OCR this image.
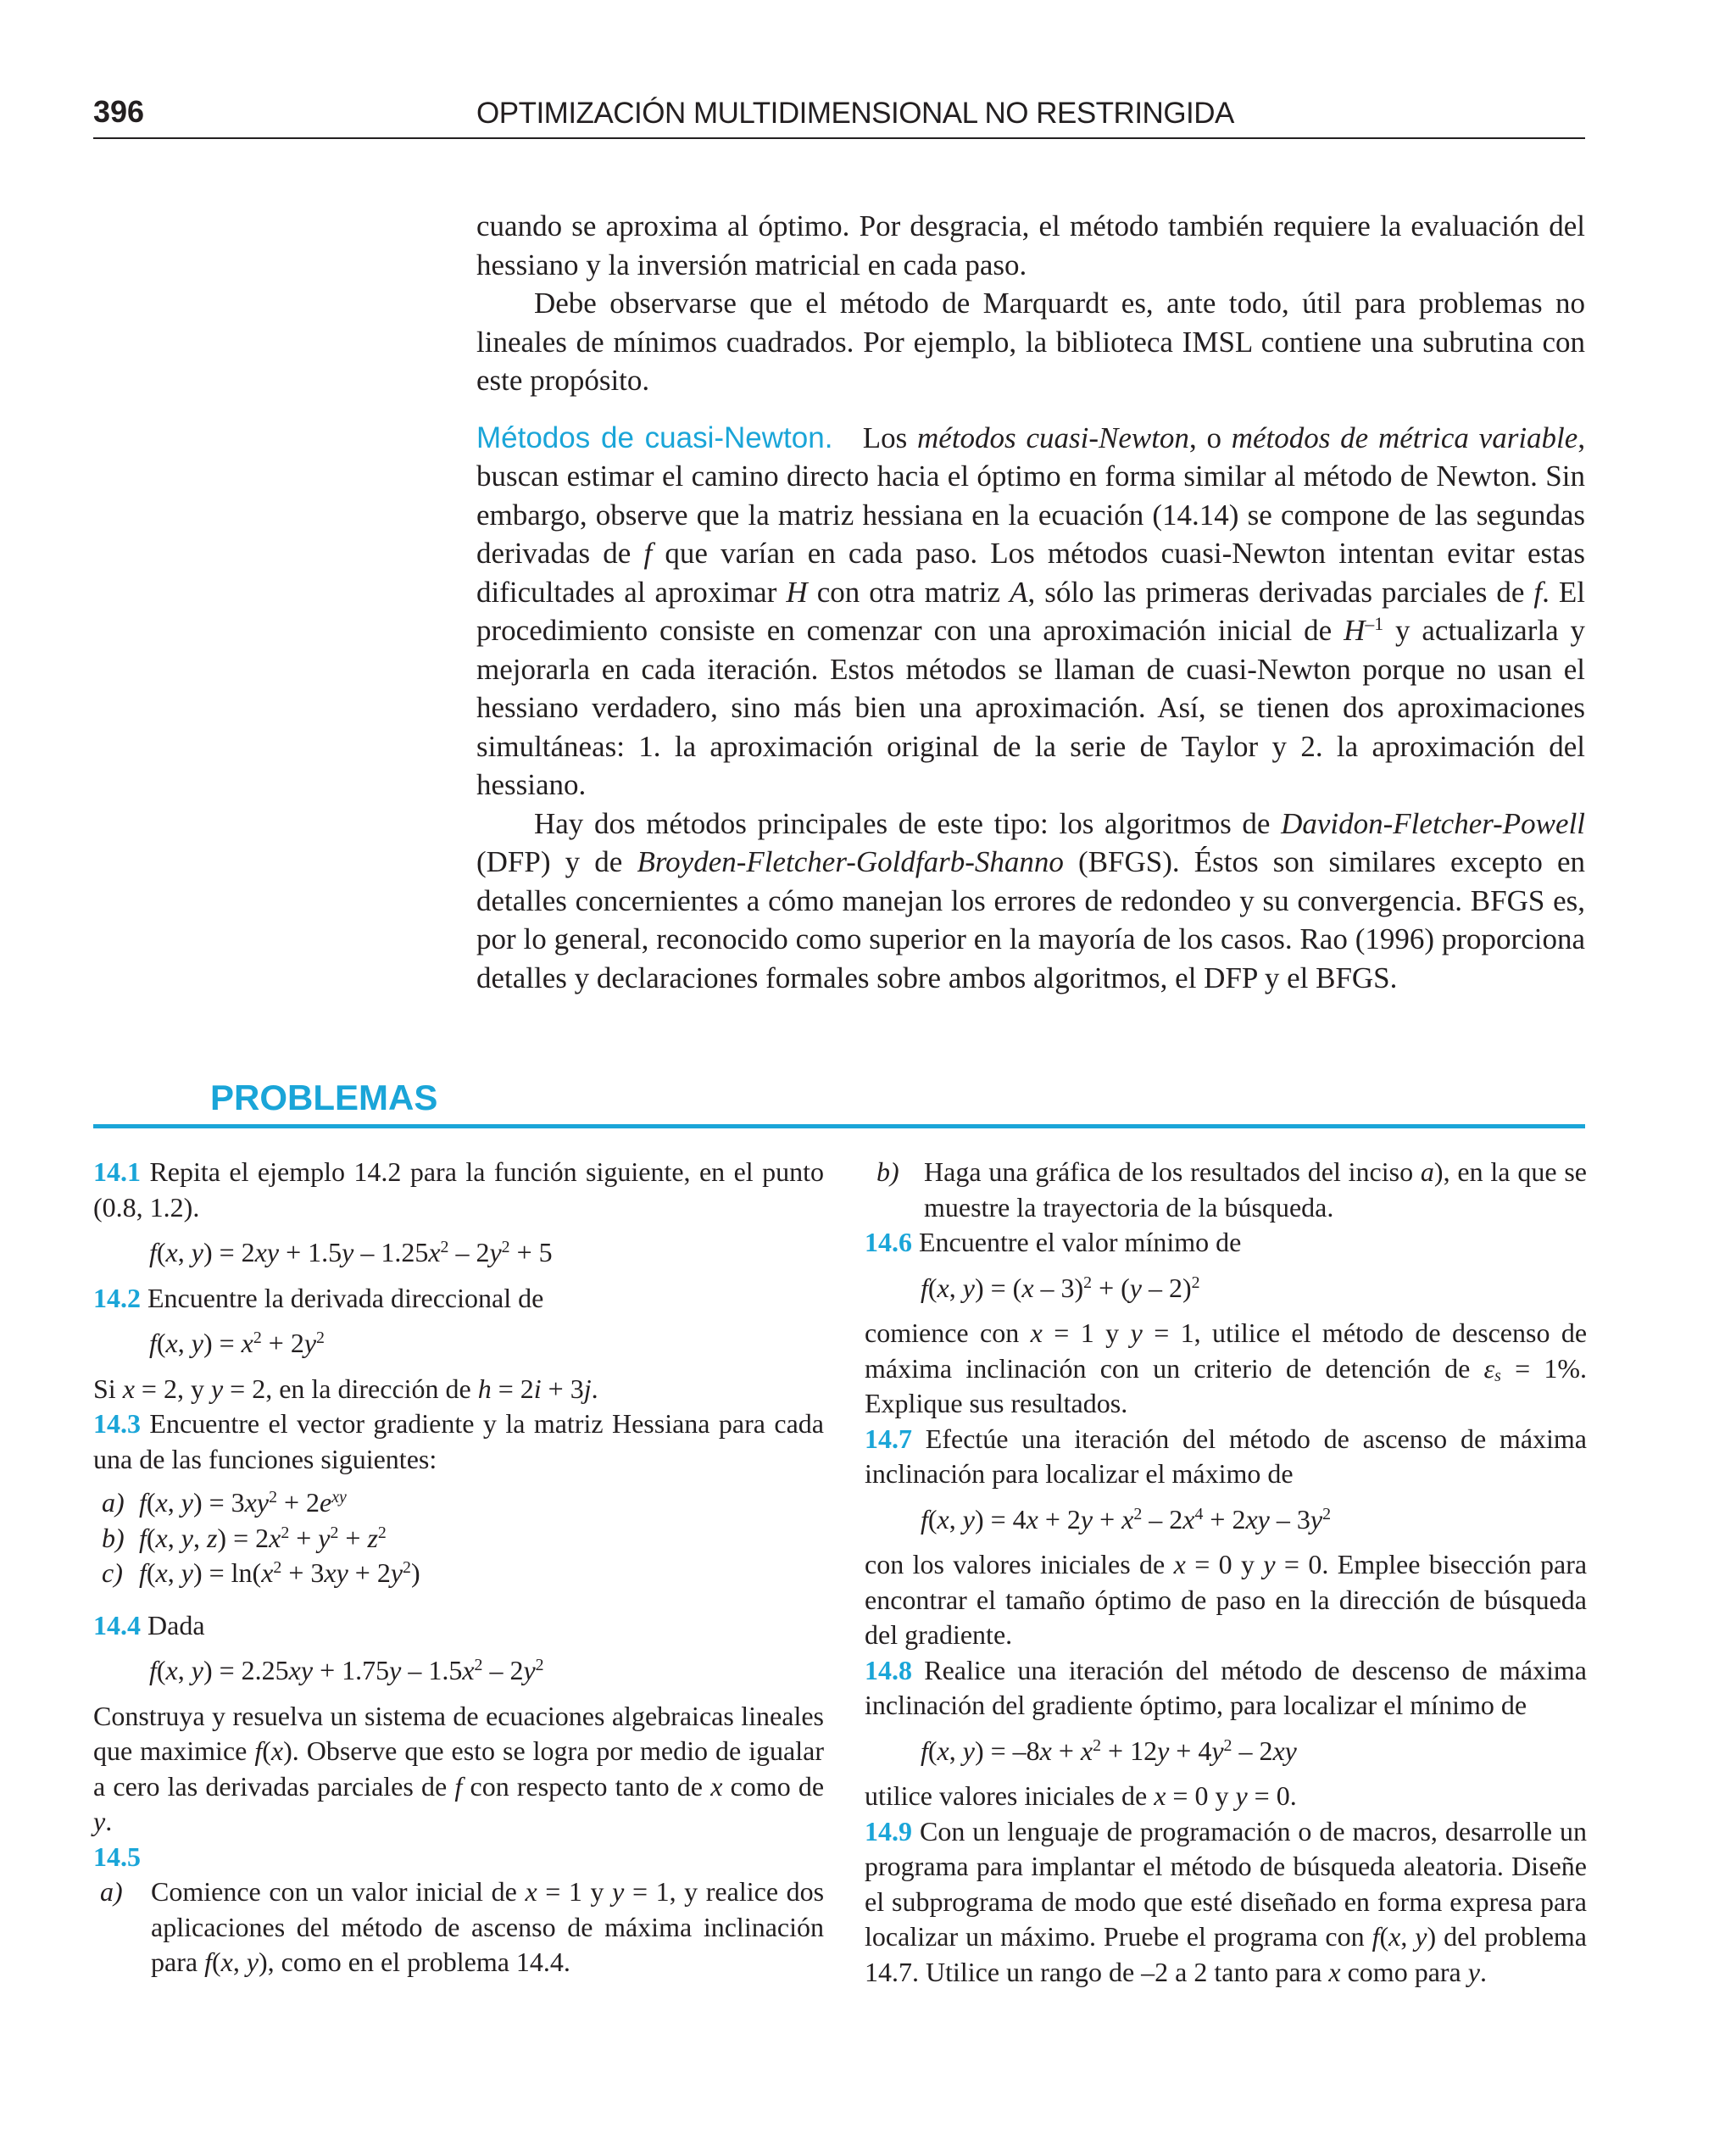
396	OPTIMIZACIÓN MULTIDIMENSIONAL NO RESTRINGIDA

cuando se aproxima al óptimo. Por desgracia, el método también requiere la evaluación del hessiano y la inversión matricial en cada paso.

Debe observarse que el método de Marquardt es, ante todo, útil para problemas no lineales de mínimos cuadrados. Por ejemplo, la biblioteca IMSL contiene una subrutina con este propósito.

Métodos de cuasi-Newton. Los métodos cuasi-Newton, o métodos de métrica variable, buscan estimar el camino directo hacia el óptimo en forma similar al método de Newton. Sin embargo, observe que la matriz hessiana en la ecuación (14.14) se compone de las segundas derivadas de f que varían en cada paso. Los métodos cuasi-Newton intentan evitar estas dificultades al aproximar H con otra matriz A, sólo las primeras derivadas parciales de f. El procedimiento consiste en comenzar con una aproximación inicial de $H^{-1}$ y actualizarla y mejorarla en cada iteración. Estos métodos se llaman de cuasi-Newton porque no usan el hessiano verdadero, sino más bien una aproximación. Así, se tienen dos aproximaciones simultáneas: 1. la aproximación original de la serie de Taylor y 2. la aproximación del hessiano.

Hay dos métodos principales de este tipo: los algoritmos de Davidon-Fletcher-Powell (DFP) y de Broyden-Fletcher-Goldfarb-Shanno (BFGS). Éstos son similares excepto en detalles concernientes a cómo manejan los errores de redondeo y su convergencia. BFGS es, por lo general, reconocido como superior en la mayoría de los casos. Rao (1996) proporciona detalles y declaraciones formales sobre ambos algoritmos, el DFP y el BFGS.

PROBLEMAS

14.1 Repita el ejemplo 14.2 para la función siguiente, en el punto (0.8, 1.2).

f(x, $y) = 2xy + 1.5y - 1.25x^2 - 2y^2 + 5$

14.2 Encuentre la derivada direccional de

f(x, $y) = x^2 + 2y^2$

Si x = 2, y y = 2, en la dirección de h = 2i + 3j.

14.3 Encuentre el vector gradiente y la matriz Hessiana para cada una de las funciones siguientes:

a) f(x, $y) = 3xy^2 + 2e^{xy}$
b) f(x, y, $z) = 2x^2 + y^2 + z^2$
c) f(x, $y) = \ln(x^2 + 3xy + 2y^2)$

14.4 Dada

f(x, $y) = 2.25xy + 1.75y - 1.5x^2 - 2y^2$

Construya y resuelva un sistema de ecuaciones algebraicas lineales que maximice f(x). Observe que esto se logra por medio de igualar a cero las derivadas parciales de f con respecto tanto de x como de y.

14.5

a)	Comience con un valor inicial de x = 1 y y = 1, y realice dos aplicaciones del método de ascenso de máxima inclinación para f(x, y), como en el problema 14.4.
b) Haga una gráfica de los resultados del inciso a), en la que se muestre la trayectoria de la búsqueda.

14.6 Encuentre el valor mínimo de

f(x, y) = (x – 3)$^2$ + (y – 2)$^2$

comience con x = 1 y y = 1, utilice el método de descenso de máxima inclinación con un criterio de detención de $\varepsilon_s = 1\%$. Explique sus resultados.

14.7 Efectúe una iteración del método de ascenso de máxima inclinación para localizar el máximo de

f(x, $y) = 4x + 2y + x^2 - 2x^4 + 2xy - 3y^2$

con los valores iniciales de x = 0 y y = 0. Emplee bisección para encontrar el tamaño óptimo de paso en la dirección de búsqueda del gradiente.

14.8 Realice una iteración del método de descenso de máxima inclinación del gradiente óptimo, para localizar el mínimo de

f(x, $y) = -8x + x^2 + 12y + 4y^2 - 2xy$

utilice valores iniciales de x = 0 y y = 0.

14.9 Con un lenguaje de programación o de macros, desarrolle un programa para implantar el método de búsqueda aleatoria. Diseñe el subprograma de modo que esté diseñado en forma expresa para localizar un máximo. Pruebe el programa con f(x, y) del problema 14.7. Utilice un rango de –2 a 2 tanto para x como para y.
